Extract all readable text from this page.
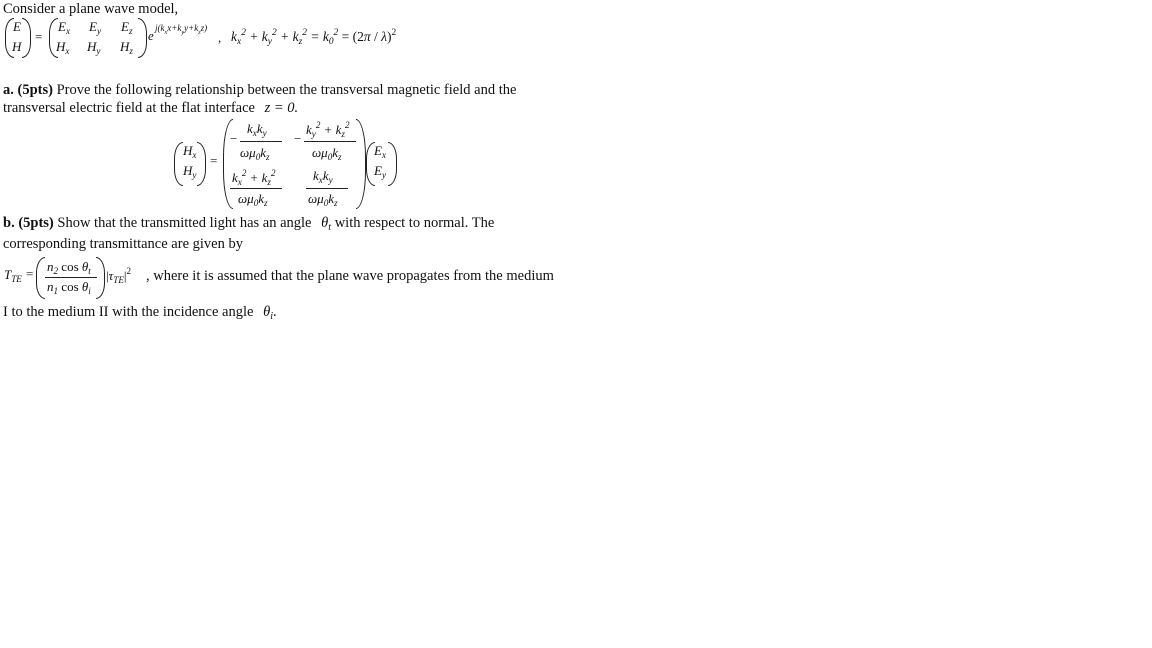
Consider a plane wave model,
E
H
=
$E_x$ $E_y$ $E_z$
$H_x$ $H_y$ $H_z$
e $j(k_xx+k_yy+k_zz)$
, $k_x^2 + k_y^2 + k_z^2 = k_0^2 = (2\pi / \lambda)^2$
a. (5pts) Prove the following relationship between the transversal magnetic field and the
transversal electric field at the flat interface z = 0.
$H_x$
$H_y$
=
−
$k_xk_y$
$\omega\mu_0k_z$
−
$k_y^2 + k_z^2$
$\omega\mu_0k_z$
$k_x^2 + k_z^2$
$\omega\mu_0k_z$
$k_xk_y$
$\omega\mu_0k_z$
$E_x$
$E_y$
b. (5pts) Show that the transmitted light has an angle $\theta_t$ with respect to normal. The
corresponding transmittance are given by
$T_{TE} = n_2$ $\cos \theta_t$
$n_1$ $\cos \theta_i$
$|\tau_{TE}|^2$ , where it is assumed that the plane wave propagates from the medium
I to the medium II with the incidence angle $\theta_i$.
